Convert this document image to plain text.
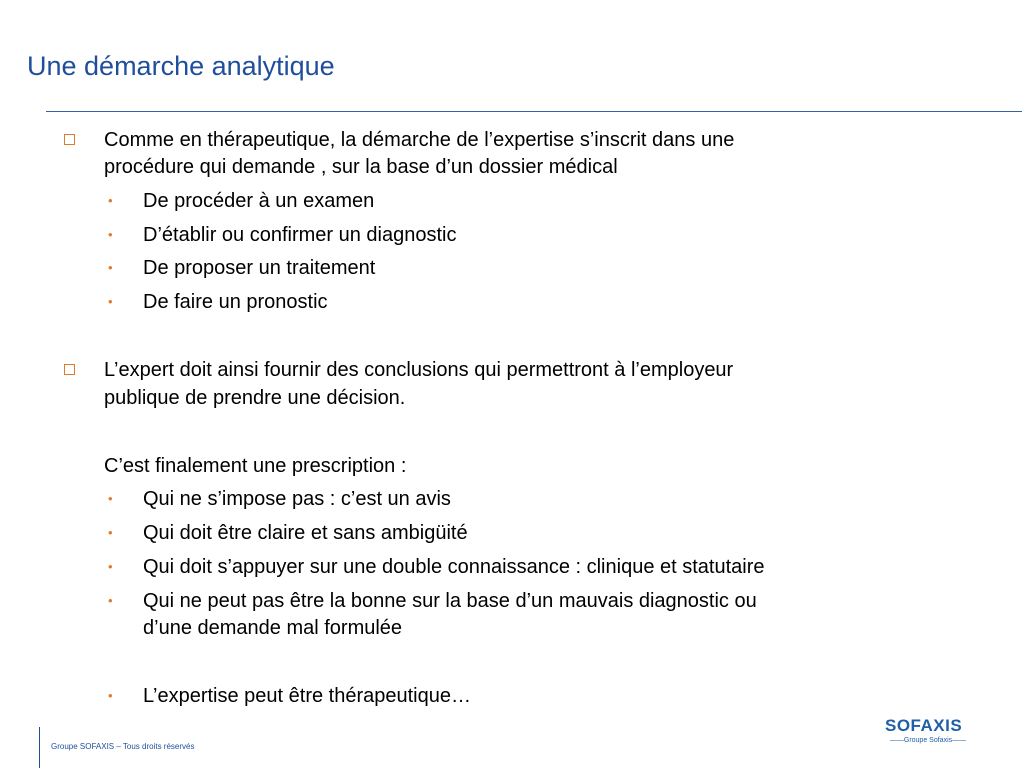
Une démarche analytique
Comme en thérapeutique, la démarche de l’expertise s’inscrit dans une
procédure qui demande , sur la base d’un dossier médical
• De procéder à un examen
• D’établir ou confirmer un diagnostic
• De proposer un traitement
• De faire un pronostic
L’expert doit ainsi fournir des conclusions qui permettront à l’employeur
publique de prendre une décision.
C’est finalement une prescription :
• Qui ne s’impose pas : c’est un avis
• Qui doit être claire et sans ambigüité
• Qui doit s’appuyer sur une double connaissance : clinique et statutaire
• Qui ne peut pas être la bonne sur la base d’un mauvais diagnostic ou
d’une demande mal formulée
• L’expertise peut être thérapeutique…
Groupe SOFAXIS – Tous droits réservés
SOFAXIS
——Groupe Sofaxis——
